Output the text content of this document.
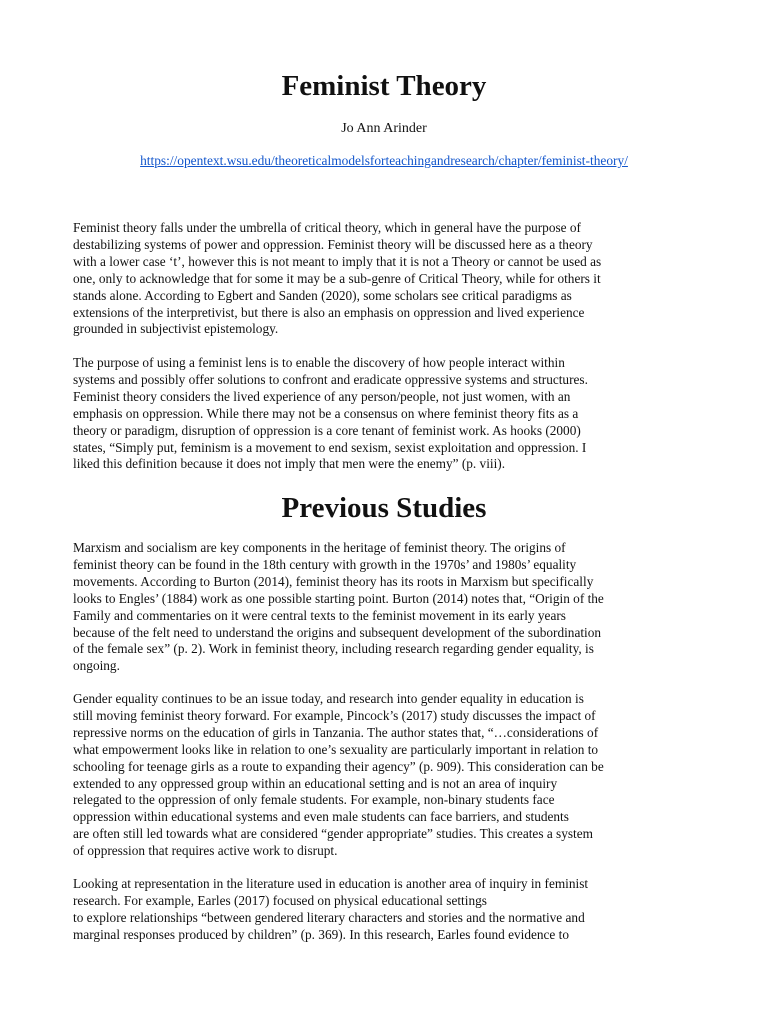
Feminist Theory

Jo Ann Arinder

https://opentext.wsu.edu/theoreticalmodelsforteachingandresearch/chapter/feminist-theory/

Feminist theory falls under the umbrella of critical theory, which in general have the purpose of
destabilizing systems of power and oppression. Feminist theory will be discussed here as a theory
with a lower case ‘t’, however this is not meant to imply that it is not a Theory or cannot be used as
one, only to acknowledge that for some it may be a sub-genre of Critical Theory, while for others it
stands alone. According to Egbert and Sanden (2020), some scholars see critical paradigms as
extensions of the interpretivist, but there is also an emphasis on oppression and lived experience
grounded in subjectivist epistemology.

The purpose of using a feminist lens is to enable the discovery of how people interact within
systems and possibly offer solutions to confront and eradicate oppressive systems and structures.
Feminist theory considers the lived experience of any person/people, not just women, with an
emphasis on oppression. While there may not be a consensus on where feminist theory fits as a
theory or paradigm, disruption of oppression is a core tenant of feminist work. As hooks (2000)
states, “Simply put, feminism is a movement to end sexism, sexist exploitation and oppression. I
liked this definition because it does not imply that men were the enemy” (p. viii).

Previous Studies

Marxism and socialism are key components in the heritage of feminist theory. The origins of
feminist theory can be found in the 18th century with growth in the 1970s’ and 1980s’ equality
movements. According to Burton (2014), feminist theory has its roots in Marxism but specifically
looks to Engles’ (1884) work as one possible starting point. Burton (2014) notes that, “Origin of the
Family and commentaries on it were central texts to the feminist movement in its early years
because of the felt need to understand the origins and subsequent development of the subordination
of the female sex” (p. 2). Work in feminist theory, including research regarding gender equality, is
ongoing.

Gender equality continues to be an issue today, and research into gender equality in education is
still moving feminist theory forward. For example, Pincock’s (2017) study discusses the impact of
repressive norms on the education of girls in Tanzania. The author states that, “…considerations of
what empowerment looks like in relation to one’s sexuality are particularly important in relation to
schooling for teenage girls as a route to expanding their agency” (p. 909). This consideration can be
extended to any oppressed group within an educational setting and is not an area of inquiry
relegated to the oppression of only female students. For example, non-binary students face
oppression within educational systems and even male students can face barriers, and students
are often still led towards what are considered “gender appropriate” studies. This creates a system
of oppression that requires active work to disrupt.

Looking at representation in the literature used in education is another area of inquiry in feminist
research. For example, Earles (2017) focused on physical educational settings
to explore relationships “between gendered literary characters and stories and the normative and
marginal responses produced by children” (p. 369). In this research, Earles found evidence to
